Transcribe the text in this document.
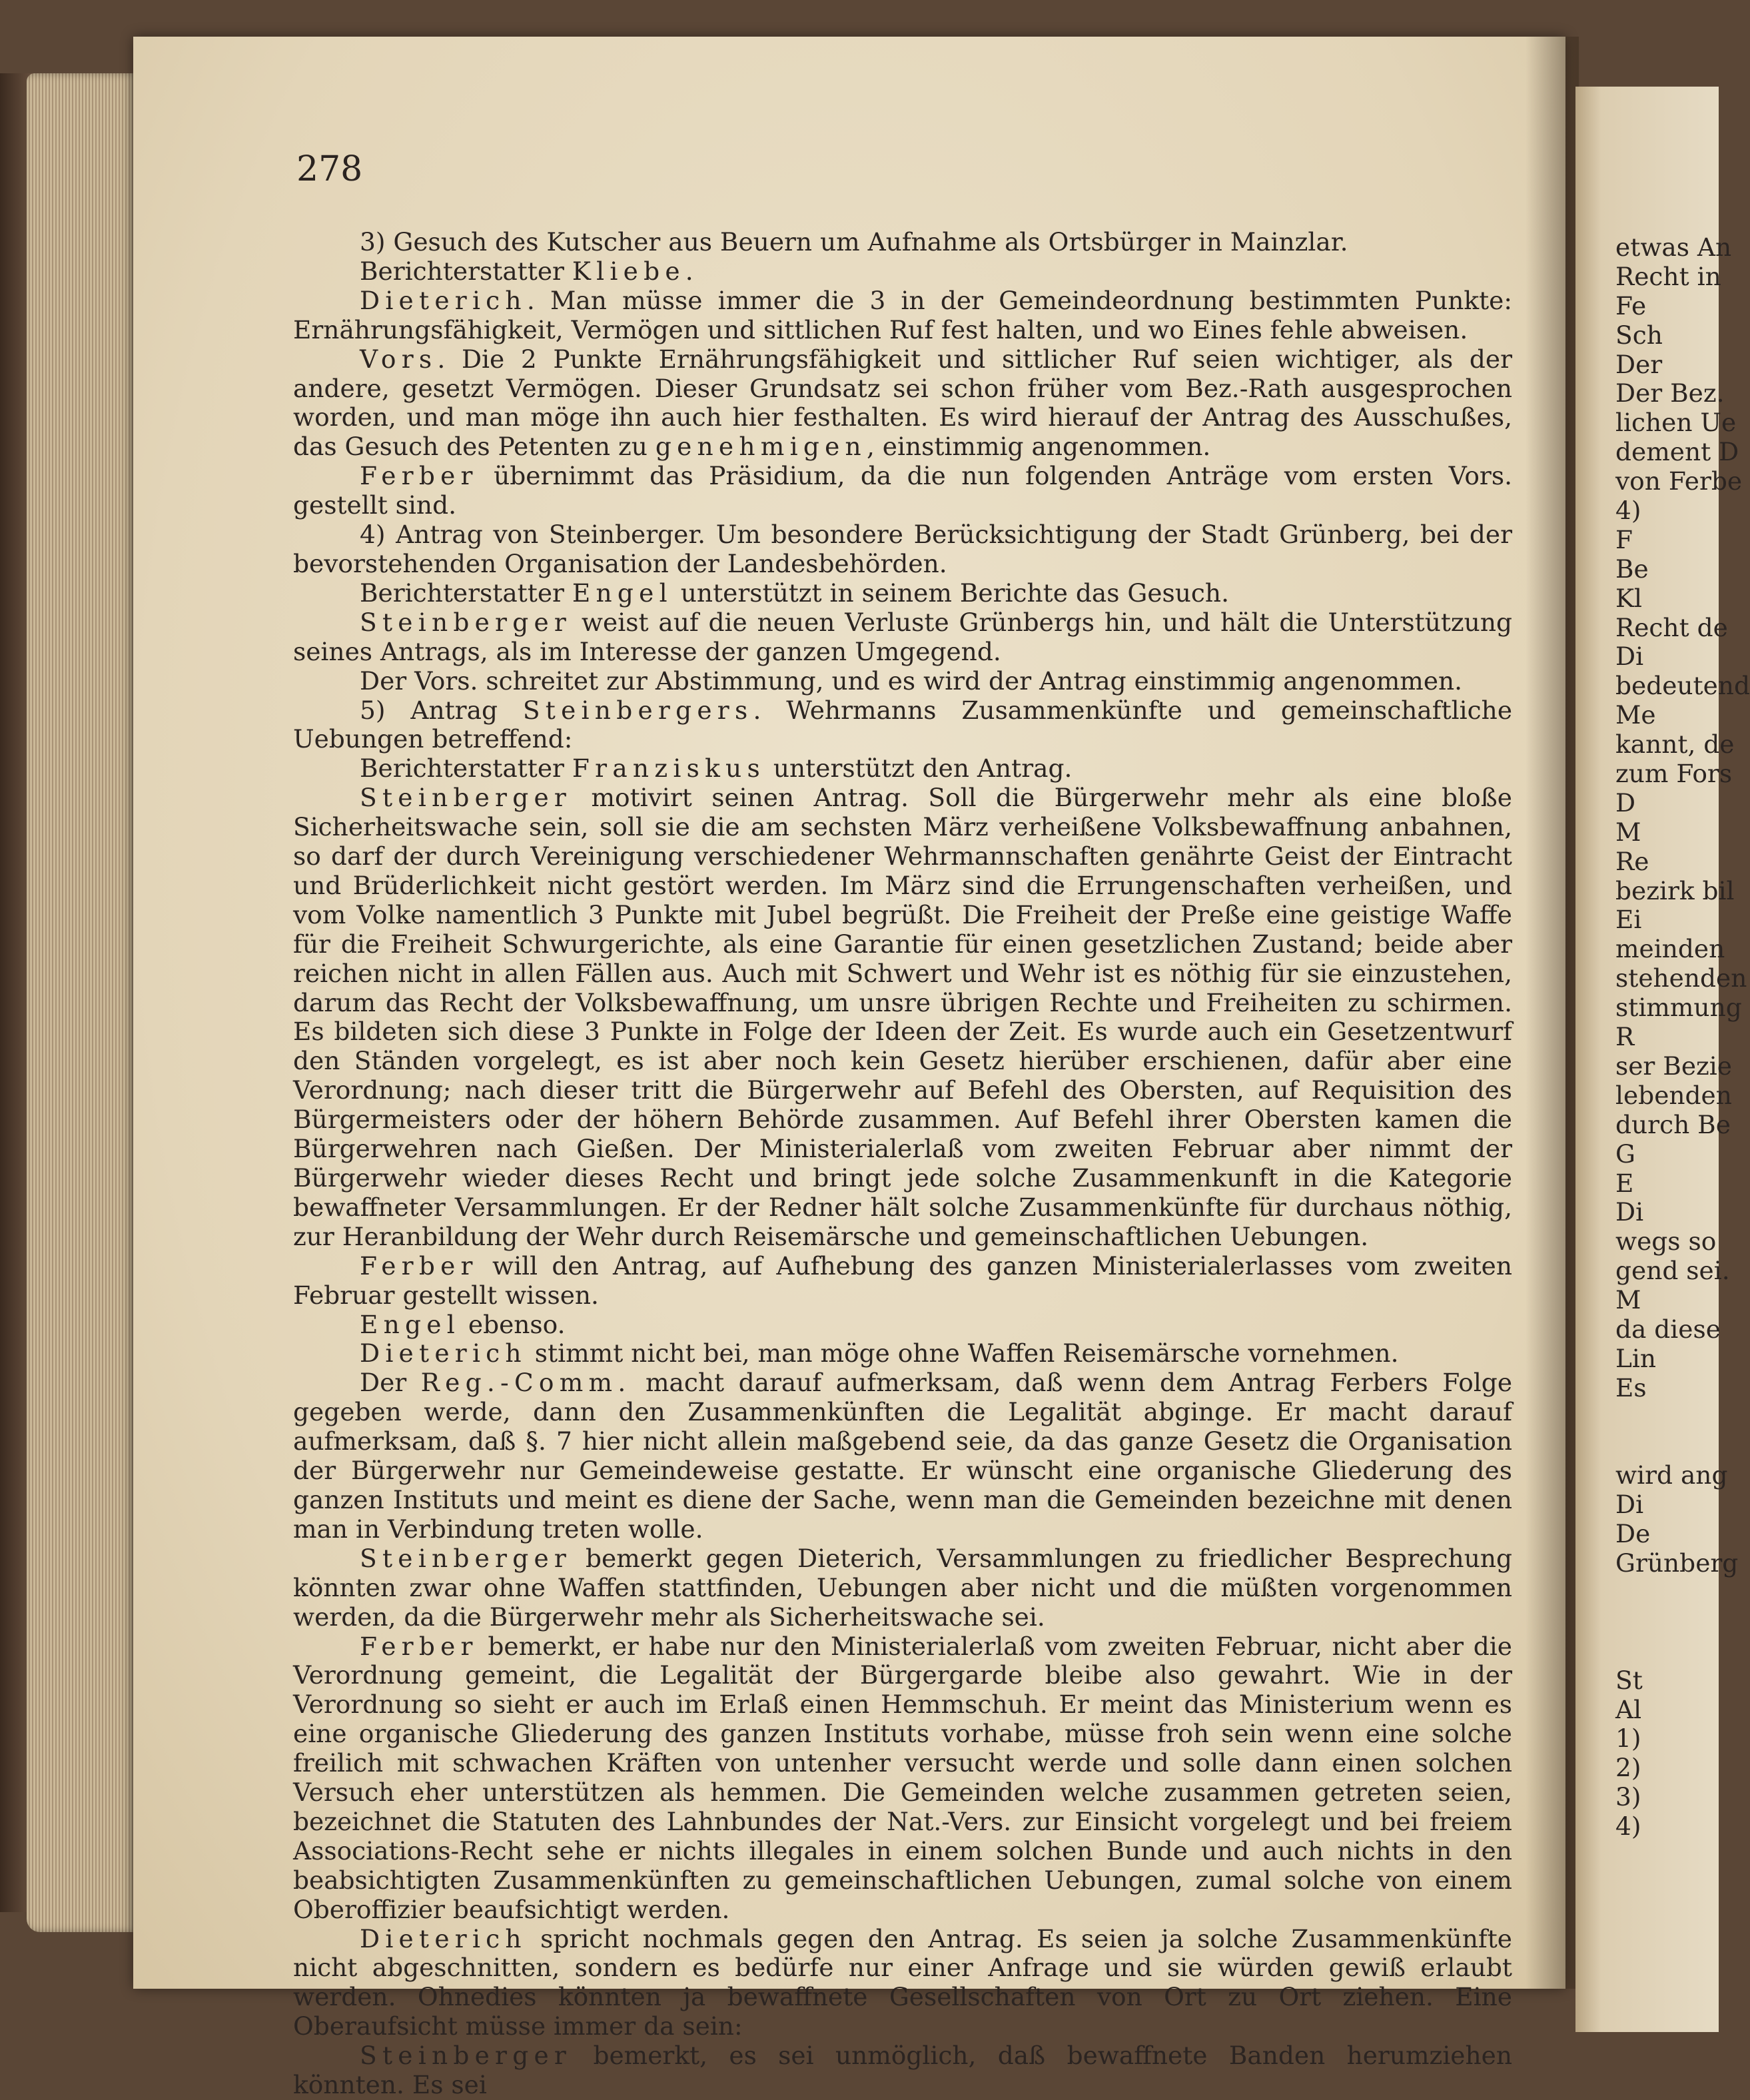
etwas An
Recht in
Fe
Sch
Der
Der Bez.
lichen Ue
dement D
von Ferbe
4)
F
Be
Kl
Recht de
Di
bedeutend
Me
kannt, de
zum Fors
D
M
Re
bezirk bil
Ei
meinden
stehenden
stimmung
R
ser Bezie
lebenden
durch Be
G
E
Di
wegs so
gend sei.
M
da diese
Lin
Es
wird ang
Di
De
Grünberg
St
Al
1)
2)
3)
4)
278

3) Gesuch des Kutscher aus Beuern um Aufnahme als Ortsbürger in Mainzlar.

Berichterstatter Kliebe.

Dieterich. Man müsse immer die 3 in der Gemeindeordnung bestimmten Punkte: Ernährungsfähigkeit, Vermögen und sittlichen Ruf fest halten, und wo Eines fehle abweisen.

Vors. Die 2 Punkte Ernährungsfähigkeit und sittlicher Ruf seien wichtiger, als der andere, gesetzt Vermögen. Dieser Grundsatz sei schon früher vom Bez.-Rath ausgesprochen worden, und man möge ihn auch hier festhalten. Es wird hierauf der Antrag des Ausschußes, das Gesuch des Petenten zu genehmigen, einstimmig angenommen.

Ferber übernimmt das Präsidium, da die nun folgenden Anträge vom ersten Vors. gestellt sind.

4) Antrag von Steinberger. Um besondere Berücksichtigung der Stadt Grünberg, bei der bevorstehenden Organisation der Landesbehörden.

Berichterstatter Engel unterstützt in seinem Berichte das Gesuch.

Steinberger weist auf die neuen Verluste Grünbergs hin, und hält die Unterstützung seines Antrags, als im Interesse der ganzen Umgegend.

Der Vors. schreitet zur Abstimmung, und es wird der Antrag einstimmig angenommen.

5) Antrag Steinbergers. Wehrmanns Zusammenkünfte und gemeinschaftliche Uebungen betreffend:

Berichterstatter Franziskus unterstützt den Antrag.

Steinberger motivirt seinen Antrag. Soll die Bürgerwehr mehr als eine bloße Sicherheitswache sein, soll sie die am sechsten März verheißene Volksbewaffnung anbahnen, so darf der durch Vereinigung verschiedener Wehrmannschaften genährte Geist der Eintracht und Brüderlichkeit nicht gestört werden. Im März sind die Errungenschaften verheißen, und vom Volke namentlich 3 Punkte mit Jubel begrüßt. Die Freiheit der Preße eine geistige Waffe für die Freiheit Schwurgerichte, als eine Garantie für einen gesetzlichen Zustand; beide aber reichen nicht in allen Fällen aus. Auch mit Schwert und Wehr ist es nöthig für sie einzustehen, darum das Recht der Volksbewaffnung, um unsre übrigen Rechte und Freiheiten zu schirmen. Es bildeten sich diese 3 Punkte in Folge der Ideen der Zeit. Es wurde auch ein Gesetzentwurf den Ständen vorgelegt, es ist aber noch kein Gesetz hierüber erschienen, dafür aber eine Verordnung; nach dieser tritt die Bürgerwehr auf Befehl des Obersten, auf Requisition des Bürgermeisters oder der höhern Behörde zusammen. Auf Befehl ihrer Obersten kamen die Bürgerwehren nach Gießen. Der Ministerialerlaß vom zweiten Februar aber nimmt der Bürgerwehr wieder dieses Recht und bringt jede solche Zusammenkunft in die Kategorie bewaffneter Versammlungen. Er der Redner hält solche Zusammenkünfte für durchaus nöthig, zur Heranbildung der Wehr durch Reisemärsche und gemeinschaftlichen Uebungen.

Ferber will den Antrag, auf Aufhebung des ganzen Ministerialerlasses vom zweiten Februar gestellt wissen.

Engel ebenso.

Dieterich stimmt nicht bei, man möge ohne Waffen Reisemärsche vornehmen.

Der Reg.-Comm. macht darauf aufmerksam, daß wenn dem Antrag Ferbers Folge gegeben werde, dann den Zusammenkünften die Legalität abginge. Er macht darauf aufmerksam, daß §. 7 hier nicht allein maßgebend seie, da das ganze Gesetz die Organisation der Bürgerwehr nur Gemeindeweise gestatte. Er wünscht eine organische Gliederung des ganzen Instituts und meint es diene der Sache, wenn man die Gemeinden bezeichne mit denen man in Verbindung treten wolle.

Steinberger bemerkt gegen Dieterich, Versammlungen zu friedlicher Besprechung könnten zwar ohne Waffen stattfinden, Uebungen aber nicht und die müßten vorgenommen werden, da die Bürgerwehr mehr als Sicherheitswache sei.

Ferber bemerkt, er habe nur den Ministerialerlaß vom zweiten Februar, nicht aber die Verordnung gemeint, die Legalität der Bürgergarde bleibe also gewahrt. Wie in der Verordnung so sieht er auch im Erlaß einen Hemmschuh. Er meint das Ministerium wenn es eine organische Gliederung des ganzen Instituts vorhabe, müsse froh sein wenn eine solche freilich mit schwachen Kräften von untenher versucht werde und solle dann einen solchen Versuch eher unterstützen als hemmen. Die Gemeinden welche zusammen getreten seien, bezeichnet die Statuten des Lahnbundes der Nat.-Vers. zur Einsicht vorgelegt und bei freiem Associations-Recht sehe er nichts illegales in einem solchen Bunde und auch nichts in den beabsichtigten Zusammenkünften zu gemeinschaftlichen Uebungen, zumal solche von einem Oberoffizier beaufsichtigt werden.

Dieterich spricht nochmals gegen den Antrag. Es seien ja solche Zusammenkünfte nicht abgeschnitten, sondern es bedürfe nur einer Anfrage und sie würden gewiß erlaubt werden. Ohnedies könnten ja bewaffnete Gesellschaften von Ort zu Ort ziehen. Eine Oberaufsicht müsse immer da sein:

Steinberger bemerkt, es sei unmöglich, daß bewaffnete Banden herumziehen könnten. Es sei
